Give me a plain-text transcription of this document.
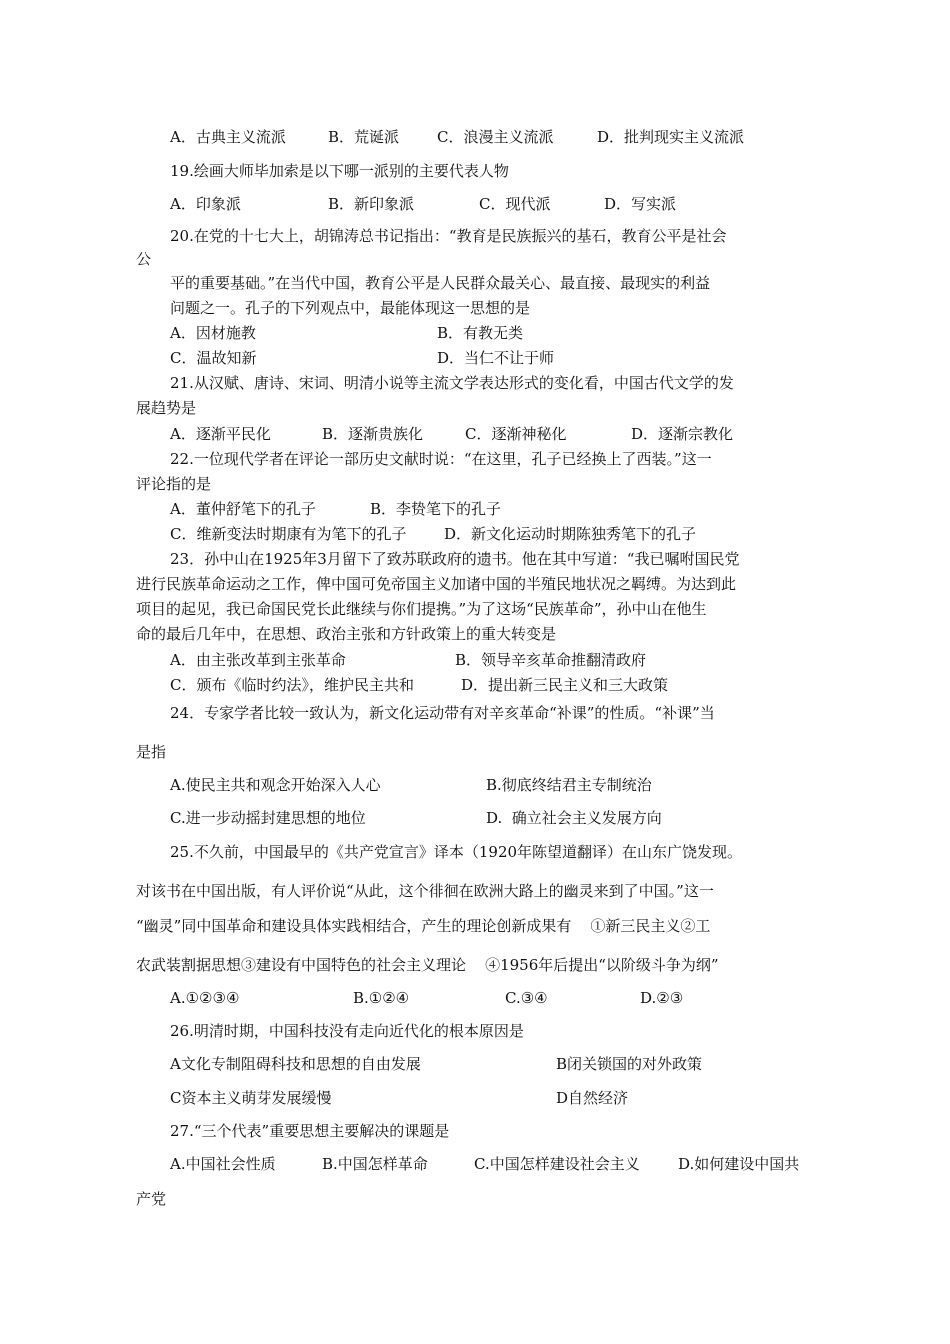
A．古典主义流派	B．荒诞派	C．浪漫主义流派	D．批判现实主义流派
19.绘画大师毕加索是以下哪一派别的主要代表人物
A．印象派	B．新印象派	C．现代派	D．写实派
20.在党的十七大上，胡锦涛总书记指出：“教育是民族振兴的基石，教育公平是社会
公
平的重要基础。”在当代中国，教育公平是人民群众最关心、最直接、最现实的利益
问题之一。孔子的下列观点中，最能体现这一思想的是
A．因材施教	B．有教无类
C．温故知新	D．当仁不让于师
21.从汉赋、唐诗、宋词、明清小说等主流文学表达形式的变化看，中国古代文学的发
展趋势是
A．逐渐平民化	B．逐渐贵族化	C．逐渐神秘化	D．逐渐宗教化
22.一位现代学者在评论一部历史文献时说：“在这里，孔子已经换上了西装。”这一
评论指的是
A．董仲舒笔下的孔子	B．李贽笔下的孔子
C．维新变法时期康有为笔下的孔子	D．新文化运动时期陈独秀笔下的孔子
23．孙中山在1925年3月留下了致苏联政府的遗书。他在其中写道：“我已嘱咐国民党
进行民族革命运动之工作，俾中国可免帝国主义加诸中国的半殖民地状况之羁缚。为达到此
项目的起见，我已命国民党长此继续与你们提携。”为了这场“民族革命”，孙中山在他生
命的最后几年中，在思想、政治主张和方针政策上的重大转变是
A．由主张改革到主张革命	B．领导辛亥革命推翻清政府
C．颁布《临时约法》，维护民主共和	D．提出新三民主义和三大政策
24．专家学者比较一致认为，新文化运动带有对辛亥革命“补课”的性质。“补课”当
是指
A.使民主共和观念开始深入人心	B.彻底终结君主专制统治
C.进一步动摇封建思想的地位	D.  确立社会主义发展方向
25.不久前，中国最早的《共产党宣言》译本（1920年陈望道翻译）在山东广饶发现。
对该书在中国出版，有人评价说“从此，这个徘徊在欧洲大路上的幽灵来到了中国。”这一
“幽灵”同中国革命和建设具体实践相结合，产生的理论创新成果有    ①新三民主义②工
农武装割据思想③建设有中国特色的社会主义理论    ④1956年后提出“以阶级斗争为纲”
A.①②③④	B.①②④	C.③④	D.②③
26.明清时期，中国科技没有走向近代化的根本原因是
A文化专制阻碍科技和思想的自由发展	B闭关锁国的对外政策
C资本主义萌芽发展缓慢	D自然经济
27.“三个代表”重要思想主要解决的课题是
A.中国社会性质	B.中国怎样革命	C.中国怎样建设社会主义	D.如何建设中国共
产党
